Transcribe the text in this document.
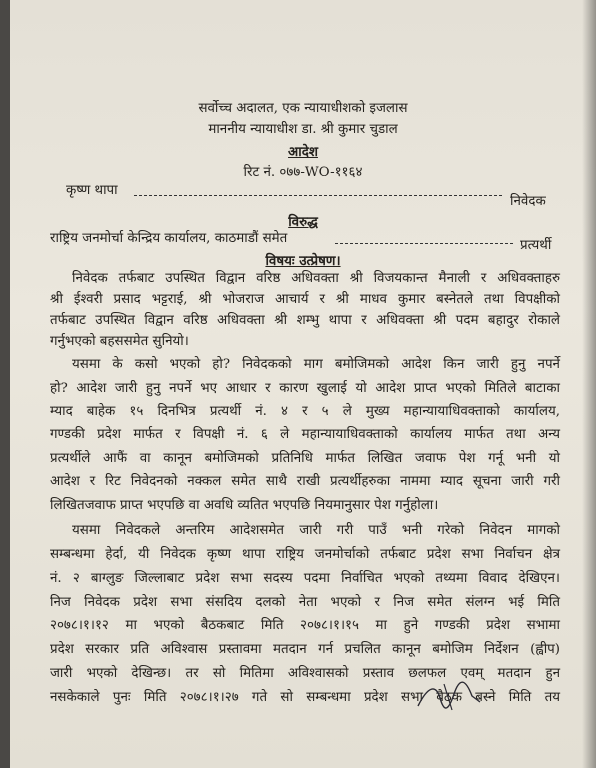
सर्वोच्च अदालत, एक न्यायाधीशको इजलास
माननीय न्यायाधीश डा. श्री कुमार चुडाल
आदेश
रिट नं. ०७७-WO-११६४
कृष्ण थापा
निवेदक
विरुद्ध
राष्ट्रिय जनमोर्चा केन्द्रिय कार्यालय, काठमाडौं समेत	प्रत्यर्थी
विषयः उत्प्रेषण।
निवेदक तर्फबाट उपस्थित विद्वान वरिष्ठ अधिवक्ता श्री विजयकान्त मैनाली र अधिवक्ताहरु
श्री ईश्वरी प्रसाद भट्टराई, श्री भोजराज आचार्य र श्री माधव कुमार बस्नेतले तथा विपक्षीको
तर्फबाट उपस्थित विद्वान वरिष्ठ अधिवक्ता श्री शम्भु थापा र अधिवक्ता श्री पदम बहादुर रोकाले
गर्नुभएको बहससमेत सुनियो।
यसमा के कसो भएको हो? निवेदकको माग बमोजिमको आदेश किन जारी हुनु नपर्ने
हो? आदेश जारी हुनु नपर्ने भए आधार र कारण खुलाई यो आदेश प्राप्त भएको मितिले बाटाका
म्याद बाहेक १५ दिनभित्र प्रत्यर्थी नं. ४ र ५ ले मुख्य महान्यायाधिवक्ताको कार्यालय,
गण्डकी प्रदेश मार्फत र विपक्षी नं. ६ ले महान्यायाधिवक्ताको कार्यालय मार्फत तथा अन्य
प्रत्यर्थीले आफैं वा कानून बमोजिमको प्रतिनिधि मार्फत लिखित जवाफ पेश गर्नू भनी यो
आदेश र रिट निवेदनको नक्कल समेत साथै राखी प्रत्यर्थीहरुका नाममा म्याद सूचना जारी गरी
लिखितजवाफ प्राप्त भएपछि वा अवधि व्यतित भएपछि नियमानुसार पेश गर्नुहोला।
यसमा निवेदकले अन्तरिम आदेशसमेत जारी गरी पाउँ भनी गरेको निवेदन मागको
सम्बन्धमा हेर्दा, यी निवेदक कृष्ण थापा राष्ट्रिय जनमोर्चाको तर्फबाट प्रदेश सभा निर्वाचन क्षेत्र
नं. २ बाग्लुङ जिल्लाबाट प्रदेश सभा सदस्य पदमा निर्वाचित भएको तथ्यमा विवाद देखिएन।
निज निवेदक प्रदेश सभा संसदिय दलको नेता भएको र निज समेत संलग्न भई मिति
२०७८।१।१२ मा भएको बैठकबाट मिति २०७८।१।१५ मा हुने गण्डकी प्रदेश सभामा
प्रदेश सरकार प्रति अविश्वास प्रस्तावमा मतदान गर्न प्रचलित कानून बमोजिम निर्देशन (ह्वीप)
जारी भएको देखिन्छ। तर सो मितिमा अविश्वासको प्रस्ताव छलफल एवम् मतदान हुन
नसकेकाले पुनः मिति २०७८।१।२७ गते सो सम्बन्धमा प्रदेश सभा बैठक बस्ने मिति तय
